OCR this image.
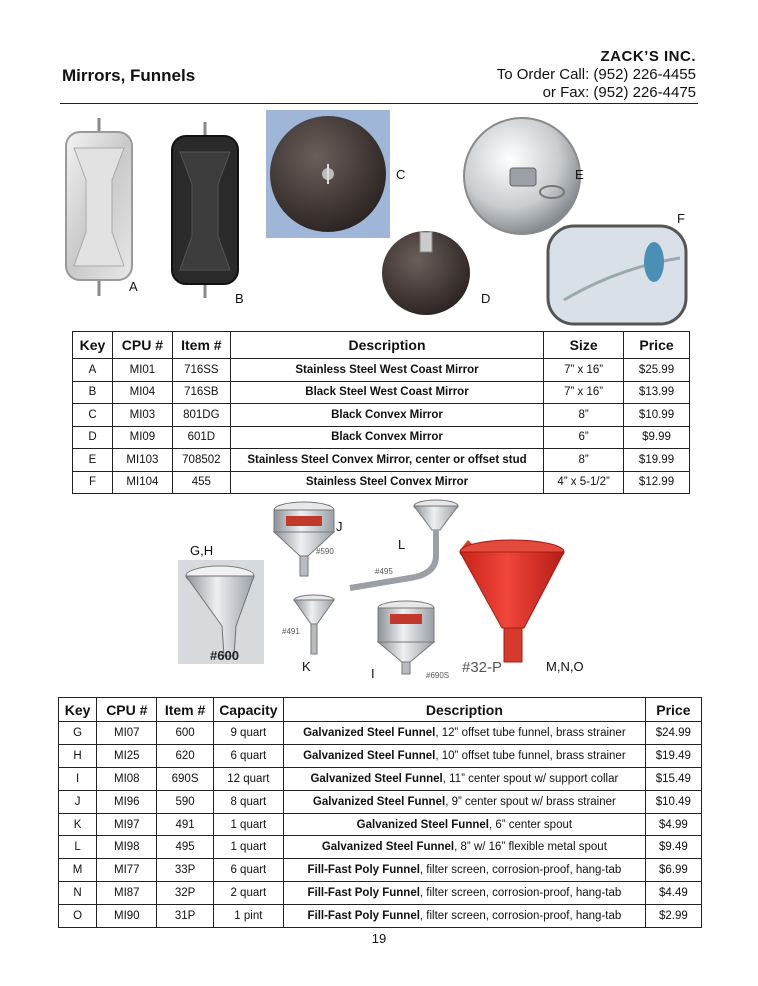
ZACK’S INC.
To Order Call: (952) 226-4455
or Fax: (952) 226-4475
Mirrors, Funnels
A
B
C
D
E
F
Key	CPU #	Item #	Description	Size	Price
A	MI01	716SS	Stainless Steel West Coast Mirror	7” x 16”	$25.99
B	MI04	716SB	Black Steel West Coast Mirror	7” x 16”	$13.99
C	MI03	801DG	Black Convex Mirror	8”	$10.99
D	MI09	601D	Black Convex Mirror	6”	$9.99
E	MI103	708502	Stainless Steel Convex Mirror, center or offset stud	8”	$19.99
F	MI104	455	Stainless Steel Convex Mirror	4” x 5-1/2”	$12.99
#600
#590
#495
#491
#690S #32-P
G,H
J
L
K	I	M,N,O
Key	CPU #	Item #	Capacity	Description	Price
G	MI07	600	9 quart	Galvanized Steel Funnel, 12” offset tube funnel, brass strainer	$24.99
H	MI25	620	6 quart	Galvanized Steel Funnel, 10” offset tube funnel, brass strainer	$19.49
I	MI08	690S	12 quart	Galvanized Steel Funnel, 11” center spout w/ support collar	$15.49
J	MI96	590	8 quart	Galvanized Steel Funnel, 9” center spout w/ brass strainer	$10.49
K	MI97	491	1 quart	Galvanized Steel Funnel, 6” center spout	$4.99
L	MI98	495	1 quart	Galvanized Steel Funnel, 8” w/ 16” flexible metal spout	$9.49
M	MI77	33P	6 quart	Fill-Fast Poly Funnel, filter screen, corrosion-proof, hang-tab	$6.99
N	MI87	32P	2 quart	Fill-Fast Poly Funnel, filter screen, corrosion-proof, hang-tab	$4.49
O	MI90	31P	1 pint	Fill-Fast Poly Funnel, filter screen, corrosion-proof, hang-tab	$2.99
19
